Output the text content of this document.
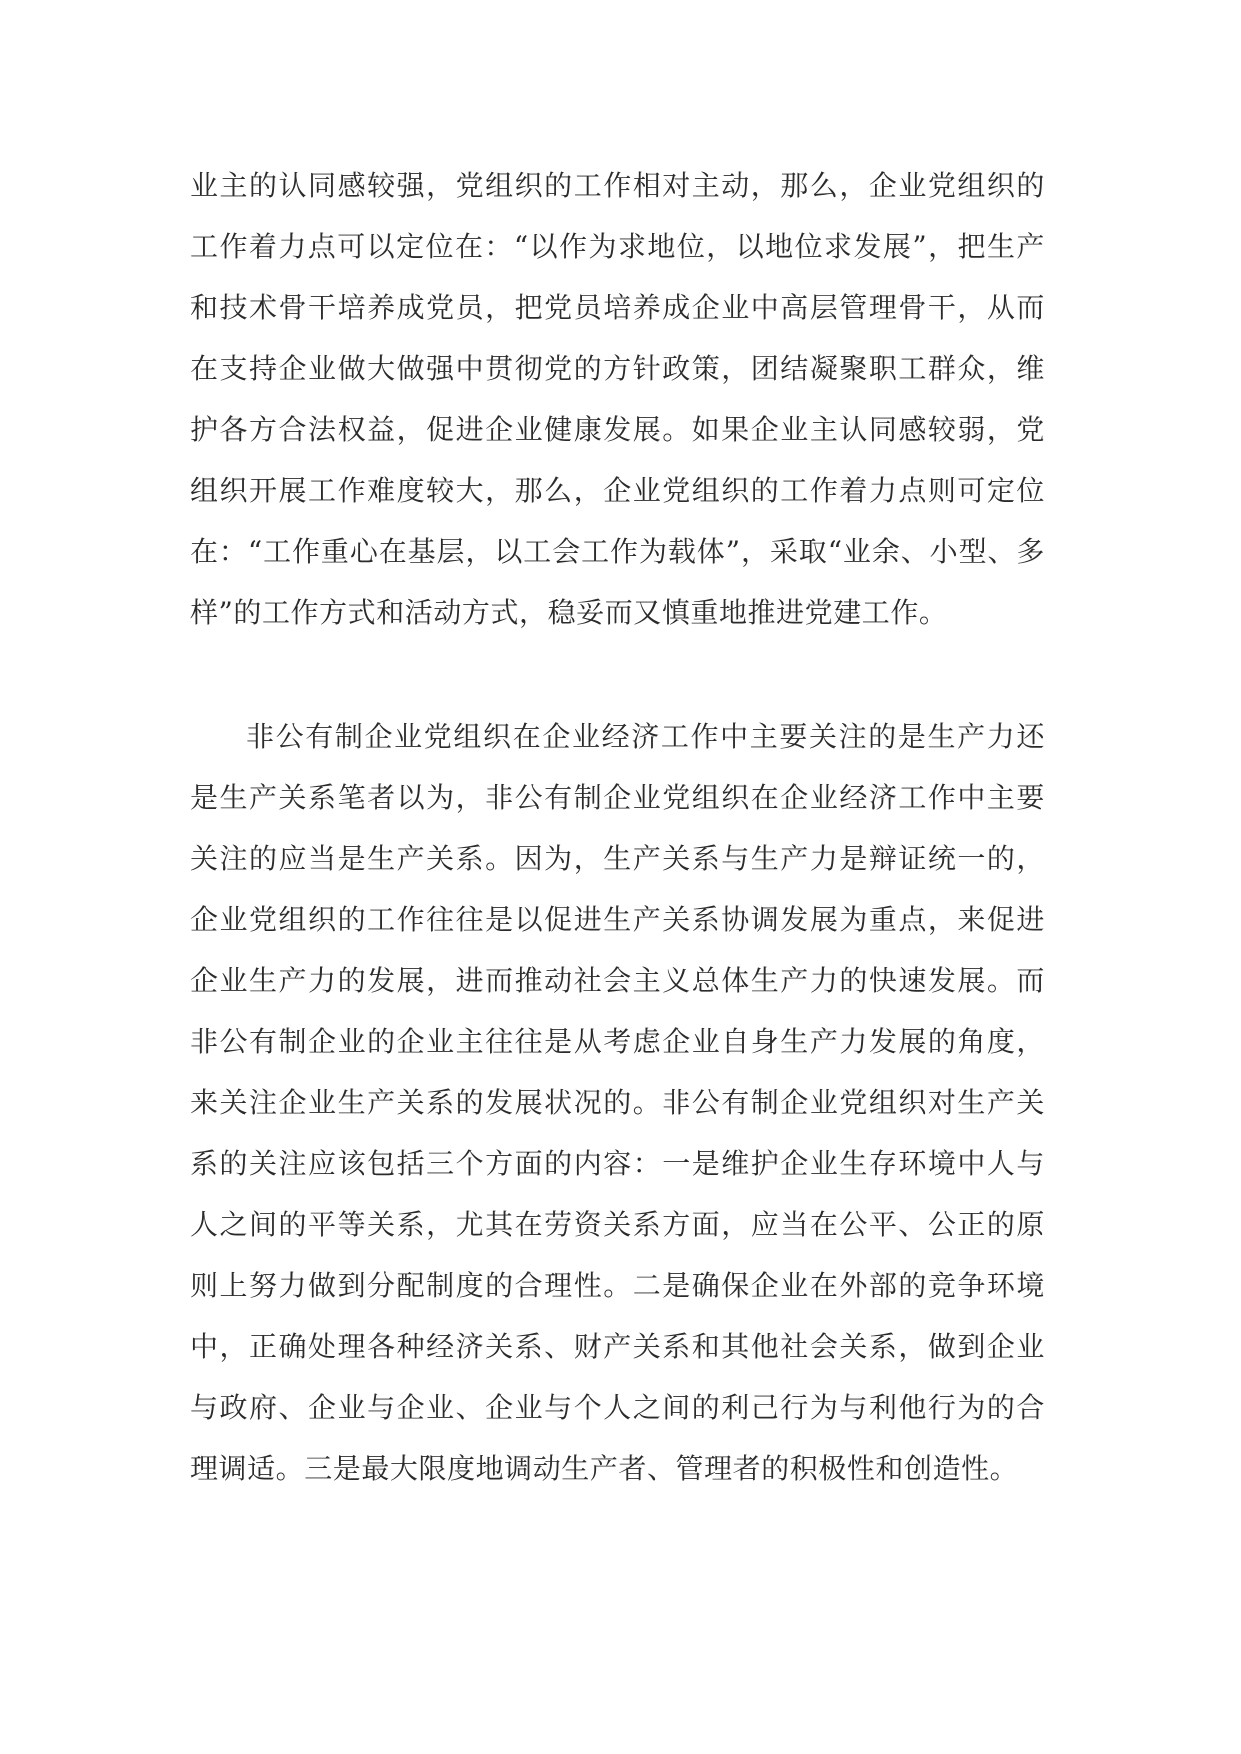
业主的认同感较强，党组织的工作相对主动，那么，企业党组织的工作着力点可以定位在：“以作为求地位，以地位求发展”，把生产和技术骨干培养成党员，把党员培养成企业中高层管理骨干，从而在支持企业做大做强中贯彻党的方针政策，团结凝聚职工群众，维护各方合法权益，促进企业健康发展。如果企业主认同感较弱，党组织开展工作难度较大，那么，企业党组织的工作着力点则可定位在：“工作重心在基层，以工会工作为载体”，采取“业余、小型、多样”的工作方式和活动方式，稳妥而又慎重地推进党建工作。

非公有制企业党组织在企业经济工作中主要关注的是生产力还是生产关系笔者以为，非公有制企业党组织在企业经济工作中主要关注的应当是生产关系。因为，生产关系与生产力是辩证统一的，企业党组织的工作往往是以促进生产关系协调发展为重点，来促进企业生产力的发展，进而推动社会主义总体生产力的快速发展。而非公有制企业的企业主往往是从考虑企业自身生产力发展的角度，来关注企业生产关系的发展状况的。非公有制企业党组织对生产关系的关注应该包括三个方面的内容：一是维护企业生存环境中人与人之间的平等关系，尤其在劳资关系方面，应当在公平、公正的原则上努力做到分配制度的合理性。二是确保企业在外部的竞争环境中，正确处理各种经济关系、财产关系和其他社会关系，做到企业与政府、企业与企业、企业与个人之间的利己行为与利他行为的合理调适。三是最大限度地调动生产者、管理者的积极性和创造性。
